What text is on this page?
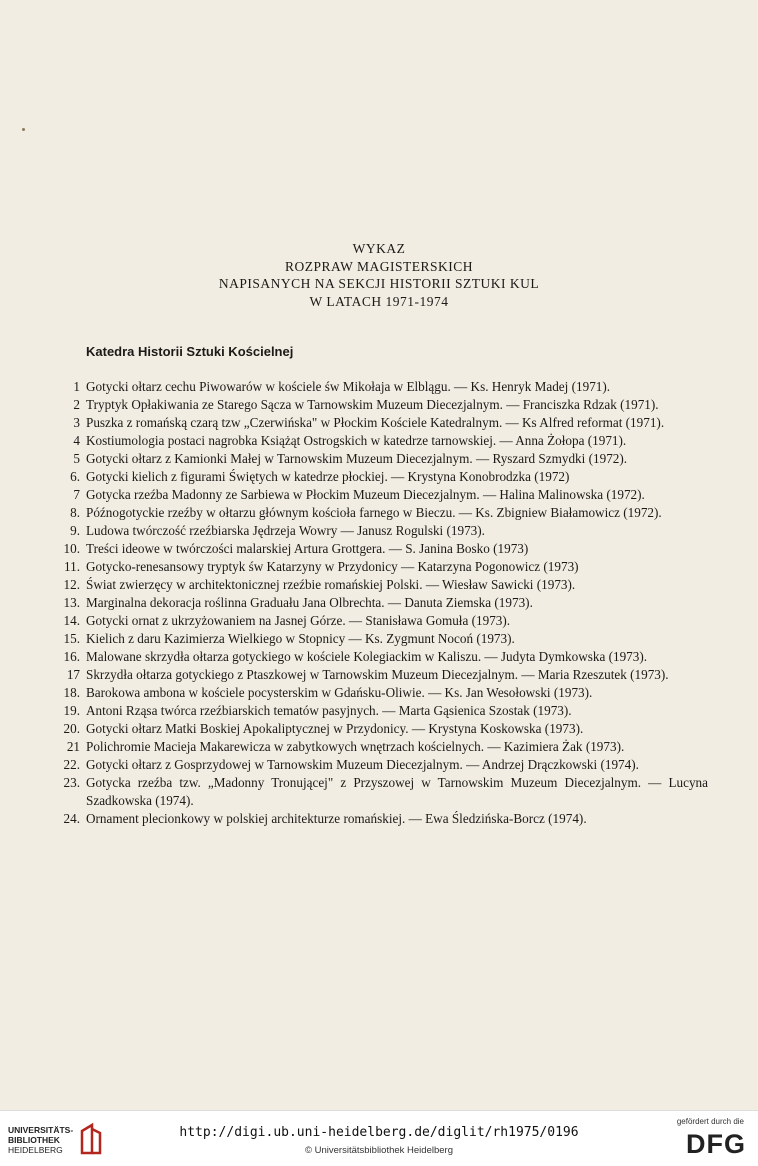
WYKAZ
ROZPRAW MAGISTERSKICH
NAPISANYCH NA SEKCJI HISTORII SZTUKI KUL
W LATACH 1971-1974
Katedra Historii Sztuki Kościelnej
1 Gotycki ołtarz cechu Piwowarów w kościele św Mikołaja w Elblągu. — Ks. Henryk Madej (1971).
2 Tryptyk Opłakiwania ze Starego Sącza w Tarnowskim Muzeum Diecezjalnym. — Franciszka Rdzak (1971).
3 Puszka z romańską czarą tzw „Czerwińska" w Płockim Kościele Katedralnym. — Ks Alfred reformat (1971).
4 Kostiumologia postaci nagrobka Książąt Ostrogskich w katedrze tarnowskiej. — Anna Żołopa (1971).
5 Gotycki ołtarz z Kamionki Małej w Tarnowskim Muzeum Diecezjalnym. — Ryszard Szmydki (1972).
6. Gotycki kielich z figurami Świętych w katedrze płockiej. — Krystyna Konobrodzka (1972)
7 Gotycka rzeźba Madonny ze Sarbiewa w Płockim Muzeum Diecezjalnym. — Halina Malinowska (1972).
8. Późnogotyckie rzeźby w ołtarzu głównym kościoła farnego w Bieczu. — Ks. Zbigniew Białamowicz (1972).
9. Ludowa twórczość rzeźbiarska Jędrzeja Wowry — Janusz Rogulski (1973).
10. Treści ideowe w twórczości malarskiej Artura Grottgera. — S. Janina Bosko (1973)
11. Gotycko-renesansowy tryptyk św Katarzyny w Przydonicy — Katarzyna Pogonowicz (1973)
12. Świat zwierzęcy w architektonicznej rzeźbie romańskiej Polski. — Wiesław Sawicki (1973).
13. Marginalna dekoracja roślinna Graduału Jana Olbrechta. — Danuta Ziemska (1973).
14. Gotycki ornat z ukrzyżowaniem na Jasnej Górze. — Stanisława Gomuła (1973).
15. Kielich z daru Kazimierza Wielkiego w Stopnicy — Ks. Zygmunt Nocoń (1973).
16. Malowane skrzydła ołtarza gotyckiego w kościele Kolegiackim w Kaliszu. — Judyta Dymkowska (1973).
17 Skrzydła ołtarza gotyckiego z Ptaszkowej w Tarnowskim Muzeum Diecezjalnym. — Maria Rzeszutek (1973).
18. Barokowa ambona w kościele pocysterskim w Gdańsku-Oliwie. — Ks. Jan Wesołowski (1973).
19. Antoni Rząsa twórca rzeźbiarskich tematów pasyjnych. — Marta Gąsienica Szostak (1973).
20. Gotycki ołtarz Matki Boskiej Apokaliptycznej w Przydonicy. — Krystyna Koskowska (1973).
21 Polichromie Macieja Makarewicza w zabytkowych wnętrzach kościelnych. — Kazimiera Żak (1973).
22. Gotycki ołtarz z Gosprzydowej w Tarnowskim Muzeum Diecezjalnym. — Andrzej Drączkowski (1974).
23. Gotycka rzeźba tzw. „Madonny Tronującej" z Przyszowej w Tarnowskim Muzeum Diecezjalnym. — Lucyna Szadkowska (1974).
24. Ornament plecionkowy w polskiej architekturze romańskiej. — Ewa Śledzińska-Borcz (1974).
UNIVERSITÄTS-
BIBLIOTHEK
HEIDELBERG
http://digi.ub.uni-heidelberg.de/diglit/rh1975/0196
© Universitätsbibliothek Heidelberg
gefördert durch die
DFG
